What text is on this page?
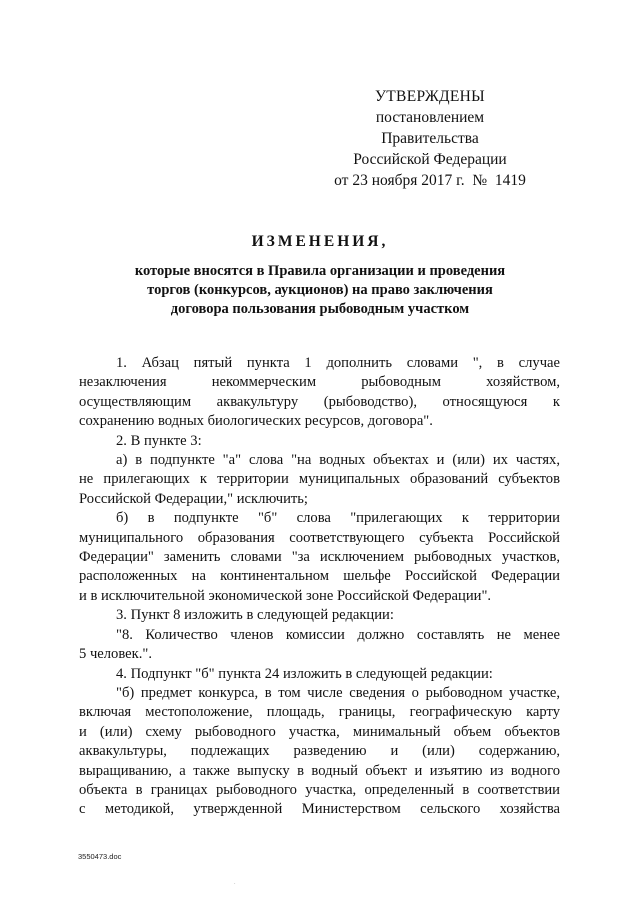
УТВЕРЖДЕНЫ
постановлением Правительства
Российской Федерации
от 23 ноября 2017 г.  №  1419
ИЗМЕНЕНИЯ,
которые вносятся в Правила организации и проведения
торгов (конкурсов, аукционов) на право заключения
договора пользования рыбоводным участком
1. Абзац пятый пункта 1 дополнить словами ", в случае
незаключения некоммерческим рыбоводным хозяйством,
осуществляющим аквакультуру (рыбоводство), относящуюся к
сохранению водных биологических ресурсов, договора".
2. В пункте 3:
а) в подпункте "а" слова "на водных объектах и (или) их частях,
не прилегающих к территории муниципальных образований субъектов
Российской Федерации," исключить;
б) в подпункте "б" слова "прилегающих к территории
муниципального образования соответствующего субъекта Российской
Федерации" заменить словами "за исключением рыбоводных участков,
расположенных на континентальном шельфе Российской Федерации
и в исключительной экономической зоне Российской Федерации".
3. Пункт 8 изложить в следующей редакции:
"8. Количество членов комиссии должно составлять не менее
5 человек.".
4. Подпункт "б" пункта 24 изложить в следующей редакции:
"б) предмет конкурса, в том числе сведения о рыбоводном участке,
включая местоположение, площадь, границы, географическую карту
и (или) схему рыбоводного участка, минимальный объем объектов
аквакультуры, подлежащих разведению и (или) содержанию,
выращиванию, а также выпуску в водный объект и изъятию из водного
объекта в границах рыбоводного участка, определенный в соответствии
с методикой, утвержденной Министерством сельского хозяйства
3550473.doc
.
